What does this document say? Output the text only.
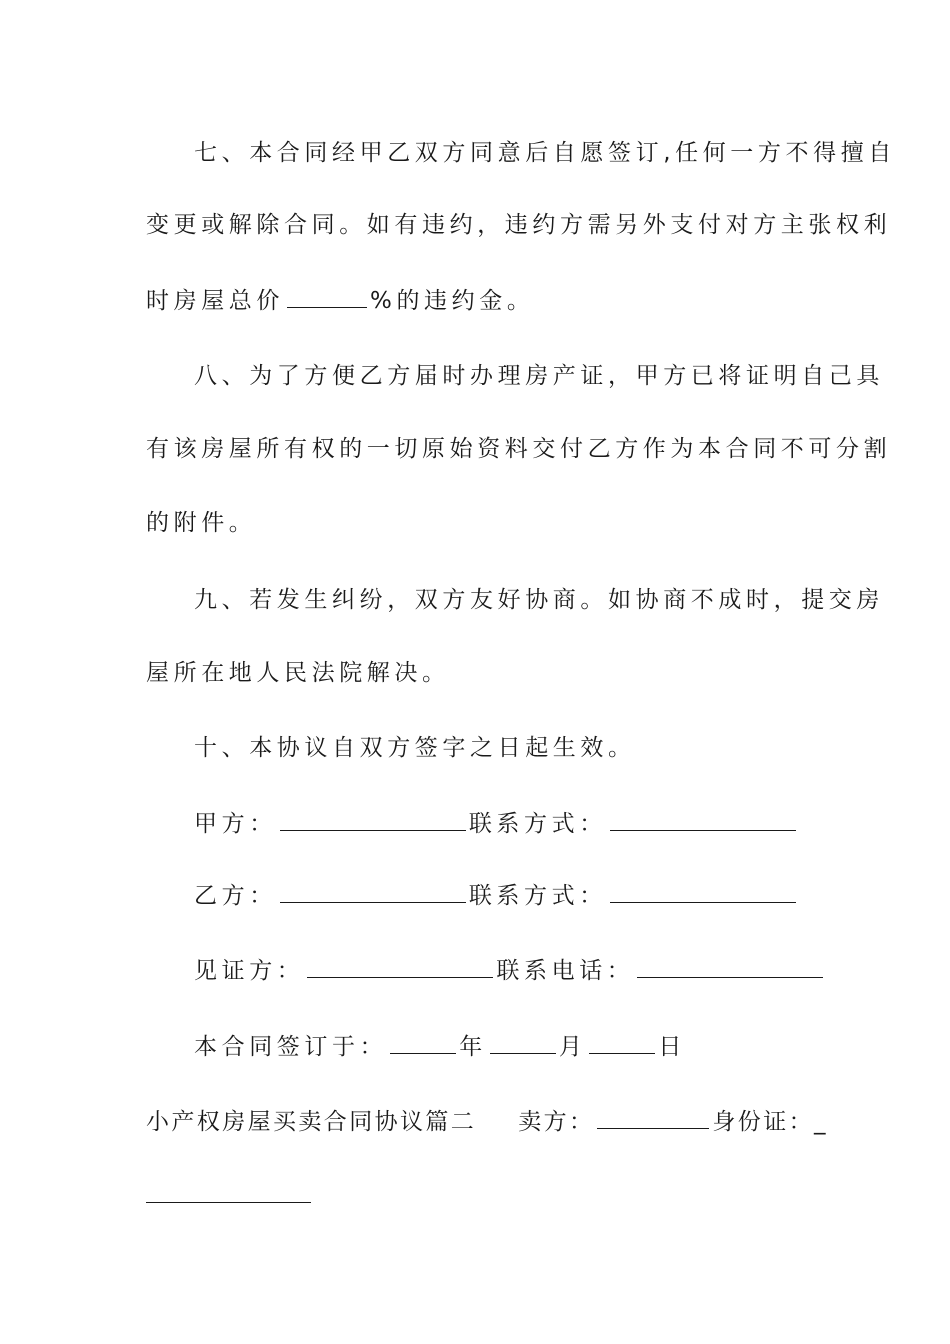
七、本合同经甲乙双方同意后自愿签订,任何一方不得擅自
变更或解除合同。如有违约，违约方需另外支付对方主张权利
时房屋总价	%的违约金。
八、为了方便乙方届时办理房产证，甲方已将证明自己具
有该房屋所有权的一切原始资料交付乙方作为本合同不可分割
的附件。
九、若发生纠纷，双方友好协商。如协商不成时，提交房
屋所在地人民法院解决。
十、本协议自双方签字之日起生效。
甲方：	联系方式：
乙方：	联系方式：
见证方：	联系电话：
本合同签订于：	年	月	日
小产权房屋买卖合同协议篇二 卖方：	身份证：_
